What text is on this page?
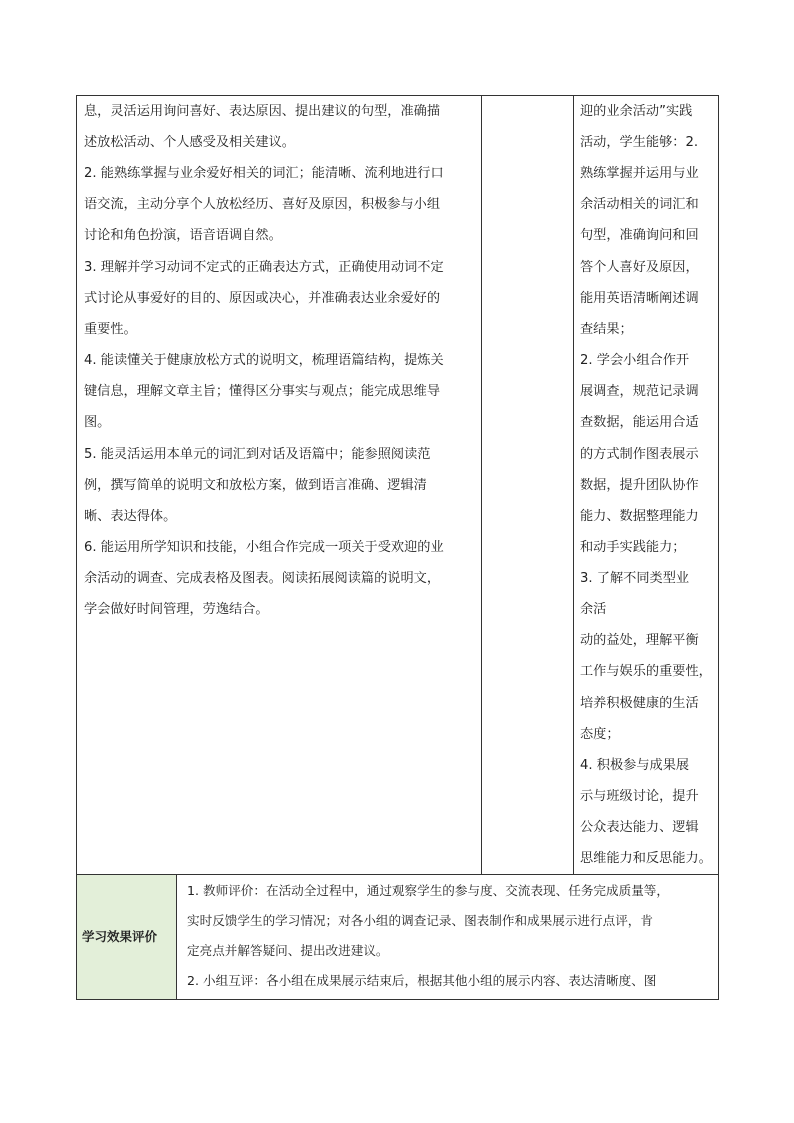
息，灵活运用询问喜好、表达原因、提出建议的句型，准确描
述放松活动、个人感受及相关建议。
2. 能熟练掌握与业余爱好相关的词汇；能清晰、流利地进行口
语交流，主动分享个人放松经历、喜好及原因，积极参与小组
讨论和角色扮演，语音语调自然。
3. 理解并学习动词不定式的正确表达方式，正确使用动词不定
式讨论从事爱好的目的、原因或决心，并准确表达业余爱好的
重要性。
4. 能读懂关于健康放松方式的说明文，梳理语篇结构，提炼关
键信息，理解文章主旨；懂得区分事实与观点；能完成思维导
图。
5. 能灵活运用本单元的词汇到对话及语篇中；能参照阅读范
例，撰写简单的说明文和放松方案，做到语言准确、逻辑清
晰、表达得体。
6. 能运用所学知识和技能，小组合作完成一项关于受欢迎的业
余活动的调查、完成表格及图表。阅读拓展阅读篇的说明文，
学会做好时间管理，劳逸结合。
迎的业余活动”实践
活动，学生能够：2.
熟练掌握并运用与业
余活动相关的词汇和
句型，准确询问和回
答个人喜好及原因，
能用英语清晰阐述调
查结果；
2. 学会小组合作开
展调查，规范记录调
查数据，能运用合适
的方式制作图表展示
数据，提升团队协作
能力、数据整理能力
和动手实践能力；
3. 了解不同类型业
余活
动的益处，理解平衡
工作与娱乐的重要性，
培养积极健康的生活
态度；
4. 积极参与成果展
示与班级讨论，提升
公众表达能力、逻辑
思维能力和反思能力。
学习效果评价
1. 教师评价：在活动全过程中，通过观察学生的参与度、交流表现、任务完成质量等，
实时反馈学生的学习情况；对各小组的调查记录、图表制作和成果展示进行点评，肯
定亮点并解答疑问、提出改进建议。
2. 小组互评：各小组在成果展示结束后，根据其他小组的展示内容、表达清晰度、图
